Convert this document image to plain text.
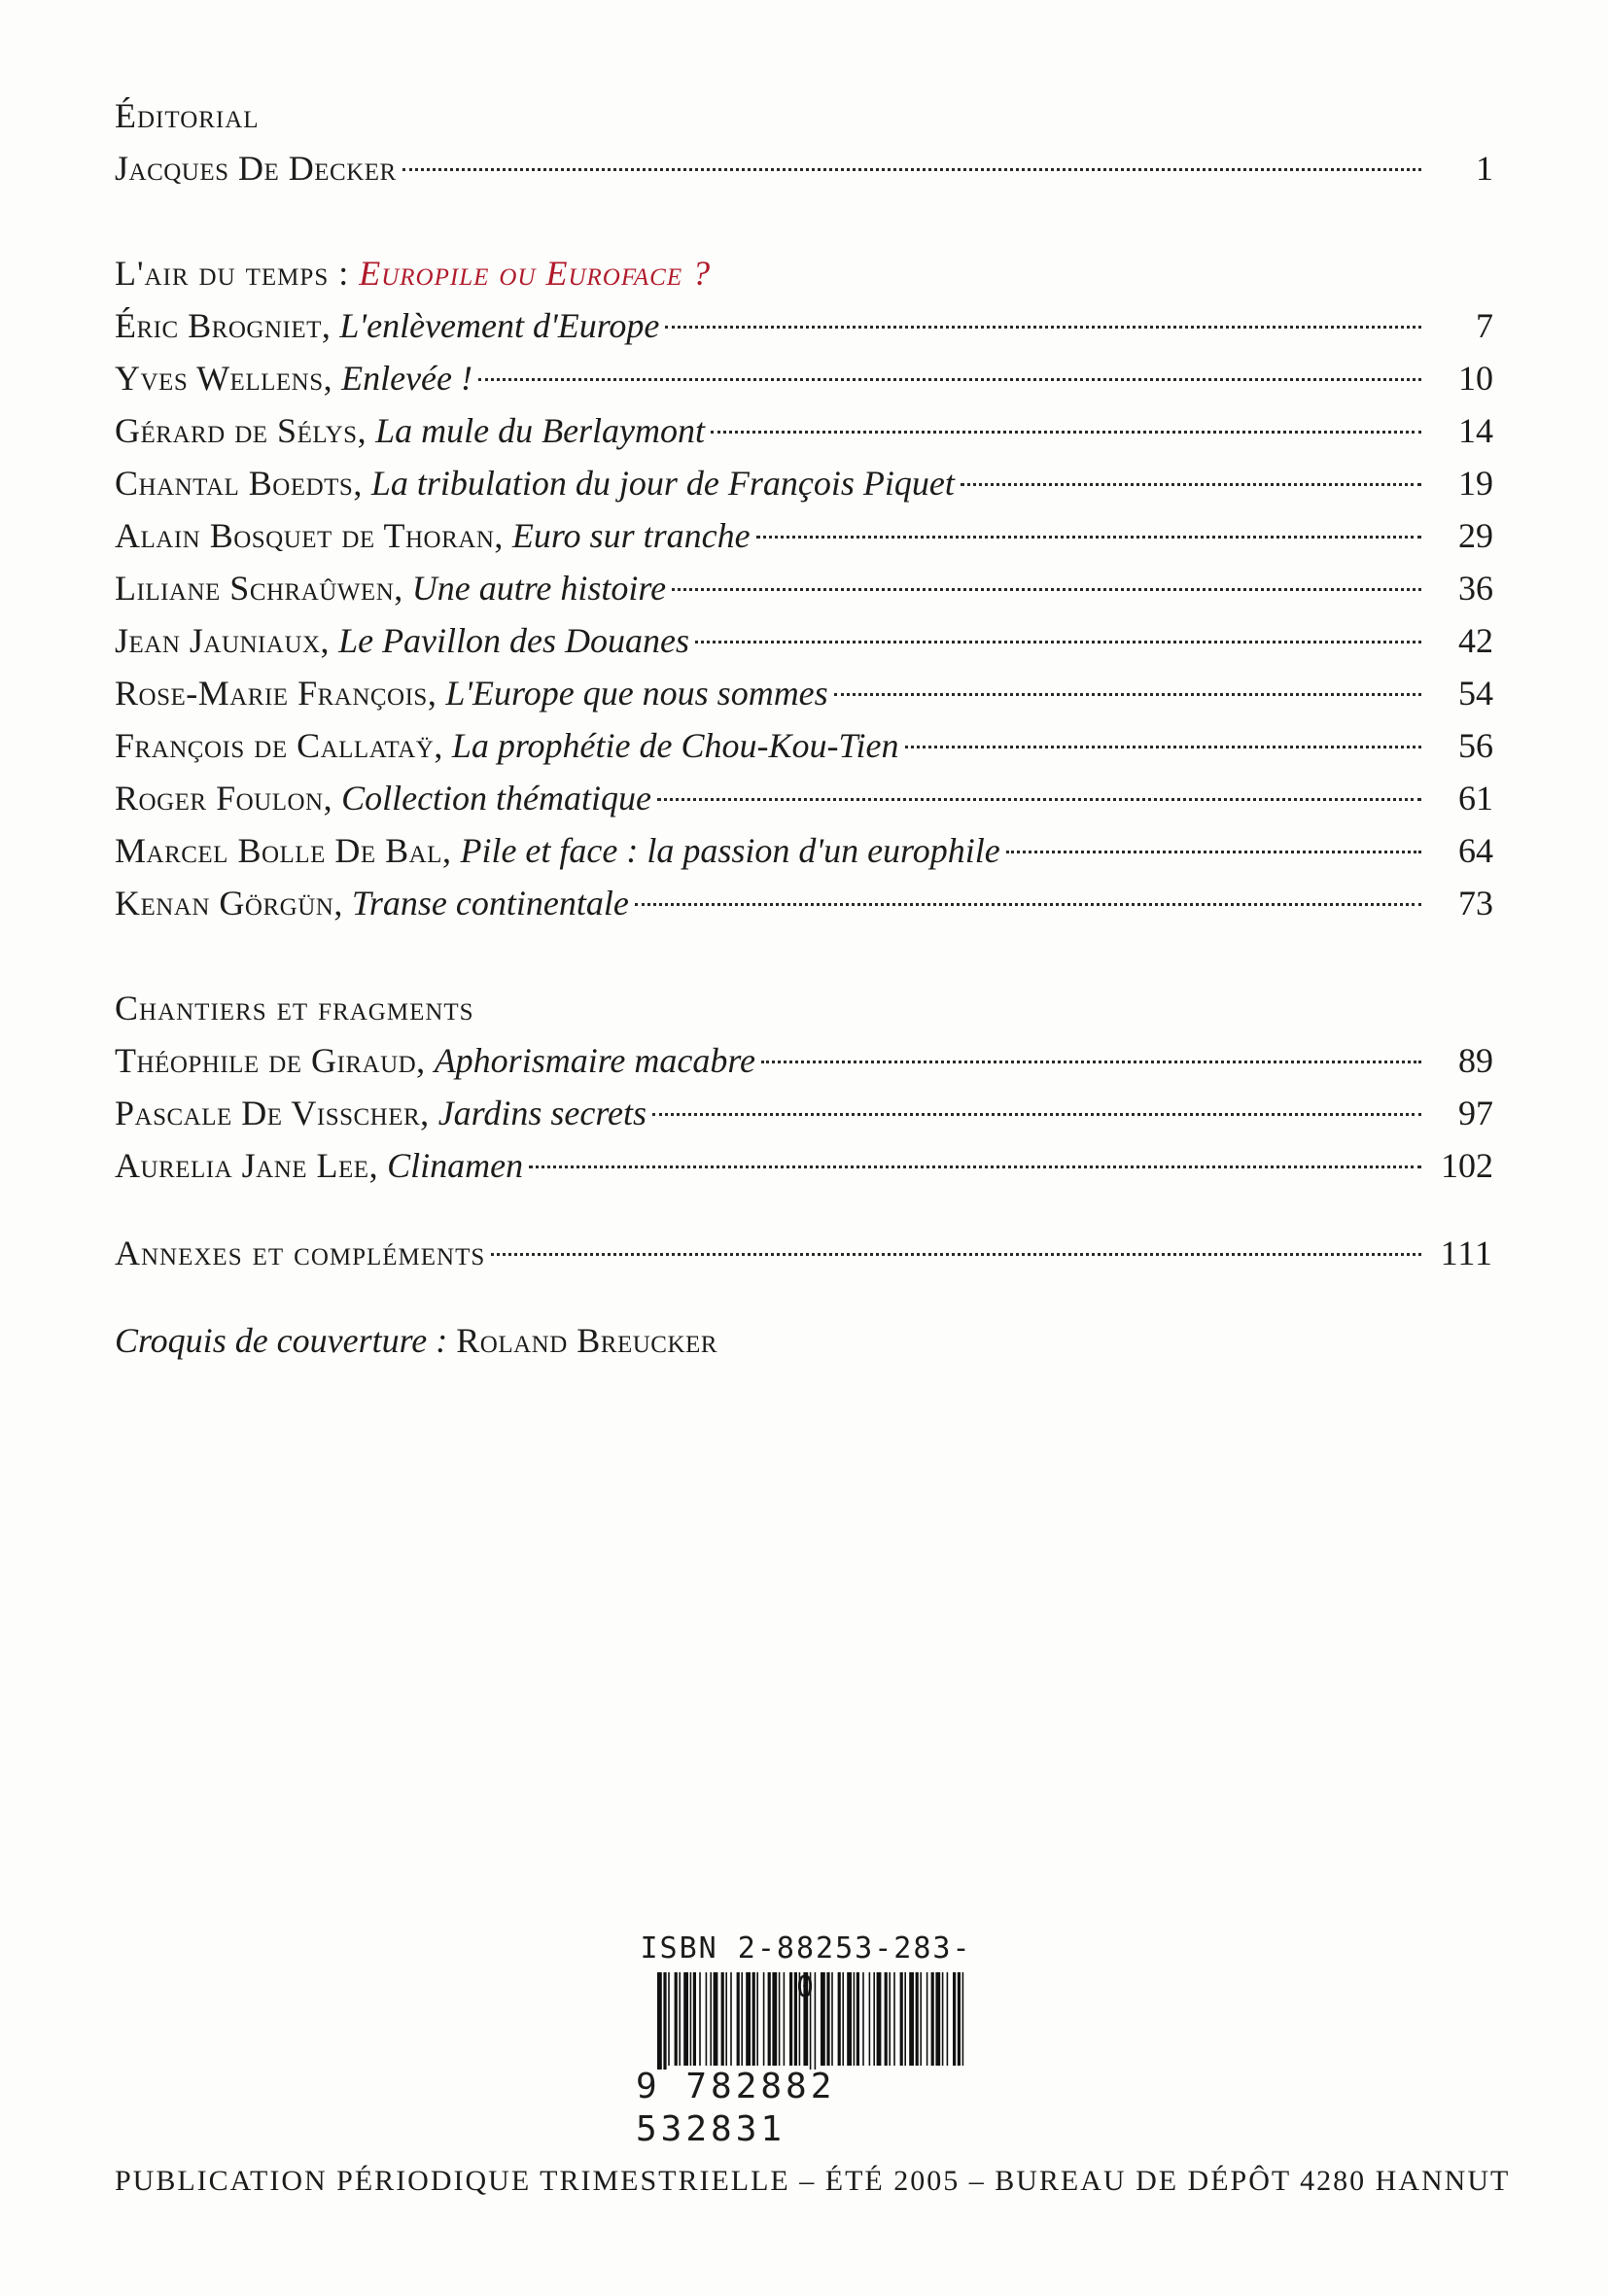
Éditorial
Jacques De Decker	1
L'air du temps : Europile ou Euroface ?
Éric Brogniet,
L'enlèvement d'Europe	7
Yves Wellens,
Enlevée !	10
Gérard de Sélys,
La mule du Berlaymont	14
Chantal Boedts,
La tribulation du jour de François Piquet	19
Alain Bosquet de Thoran,
Euro sur tranche	29
Liliane Schraûwen,
Une autre histoire	36
Jean Jauniaux,
Le Pavillon des Douanes	42
Rose-Marie François,
L'Europe que nous sommes	54
François de Callataÿ,
La prophétie de Chou-Kou-Tien	56
Roger Foulon,
Collection thématique	61
Marcel Bolle De Bal,
Pile et face : la passion d'un europhile	64
Kenan Görgün,
Transe continentale	73
Chantiers et fragments
Théophile de Giraud,
Aphorismaire macabre	89
Pascale De Visscher,
Jardins secrets	97
Aurelia Jane Lee,
Clinamen	102
Annexes et compléments	111
Croquis de couverture : Roland Breucker
ISBN 2-88253-283-
9 782882 532831
PUBLICATION PÉRIODIQUE TRIMESTRIELLE – ÉTÉ 2005 – BUREAU DE DÉPÔT 4280 HANNUT
